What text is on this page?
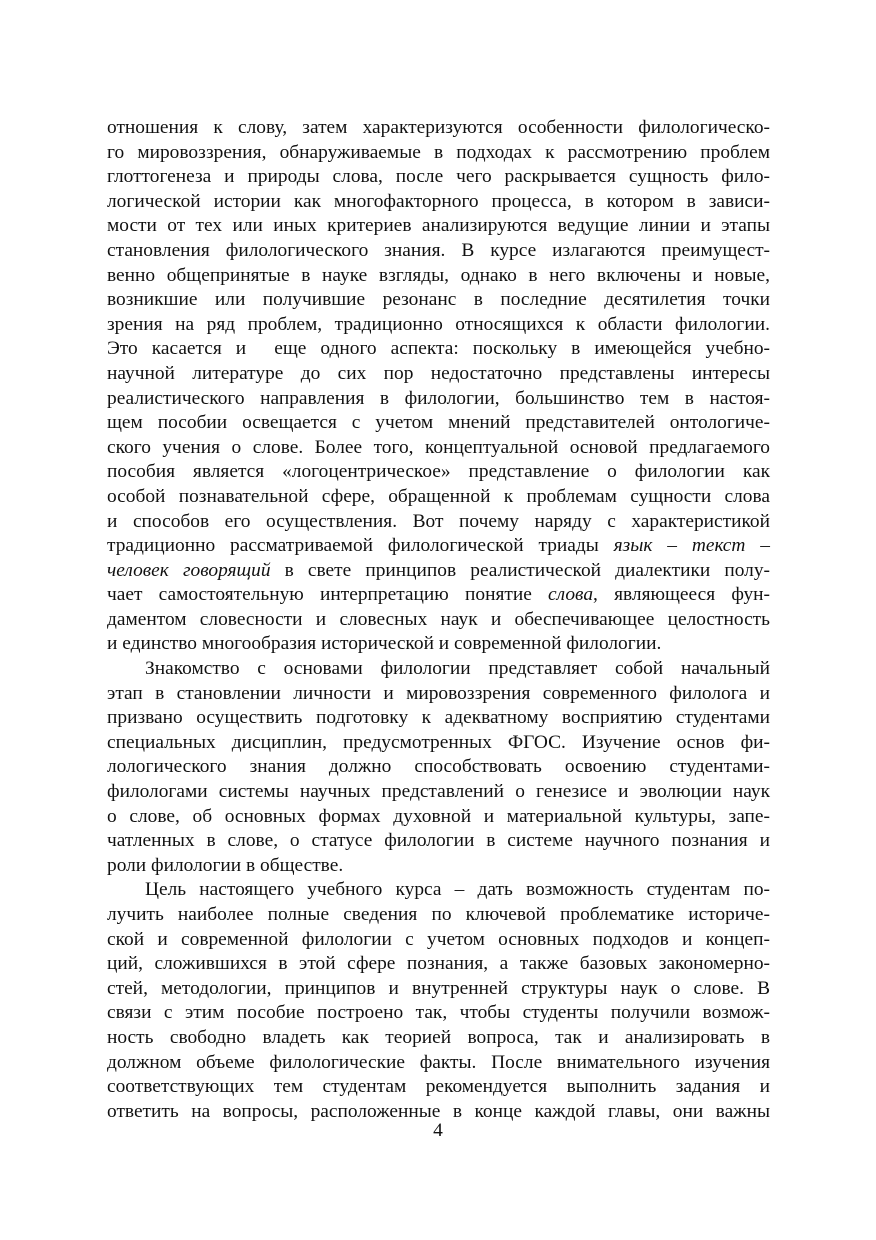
отношения к слову, затем характеризуются особенности филологическо-
го мировоззрения, обнаруживаемые в подходах к рассмотрению проблем
глоттогенеза и природы слова, после чего раскрывается сущность фило-
логической истории как многофакторного процесса, в котором в зависи-
мости от тех или иных критериев анализируются ведущие линии и этапы
становления филологического знания. В курсе излагаются преимущест-
венно общепринятые в науке взгляды, однако в него включены и новые,
возникшие или получившие резонанс в последние десятилетия точки
зрения на ряд проблем, традиционно относящихся к области филологии.
Это касается и  еще одного аспекта: поскольку в имеющейся учебно-
научной литературе до сих пор недостаточно представлены интересы
реалистического направления в филологии, большинство тем в настоя-
щем пособии освещается с учетом мнений представителей онтологиче-
ского учения о слове. Более того, концептуальной основой предлагаемого
пособия является «логоцентрическое» представление о филологии как
особой познавательной сфере, обращенной к проблемам сущности слова
и способов его осуществления. Вот почему наряду с характеристикой
традиционно рассматриваемой филологической триады язык – текст –
человек говорящий в свете принципов реалистической диалектики полу-
чает самостоятельную интерпретацию понятие слова, являющееся фун-
даментом словесности и словесных наук и обеспечивающее целостность
и единство многообразия исторической и современной филологии.
Знакомство с основами филологии представляет собой начальный
этап в становлении личности и мировоззрения современного филолога и
призвано осуществить подготовку к адекватному восприятию студентами
специальных дисциплин, предусмотренных ФГОС. Изучение основ фи-
лологического знания должно способствовать освоению студентами-
филологами системы научных представлений о генезисе и эволюции наук
о слове, об основных формах духовной и материальной культуры, запе-
чатленных в слове, о статусе филологии в системе научного познания и
роли филологии в обществе.
Цель настоящего учебного курса – дать возможность студентам по-
лучить наиболее полные сведения по ключевой проблематике историче-
ской и современной филологии с учетом основных подходов и концеп-
ций, сложившихся в этой сфере познания, а также базовых закономерно-
стей, методологии, принципов и внутренней структуры наук о слове. В
связи с этим пособие построено так, чтобы студенты получили возмож-
ность свободно владеть как теорией вопроса, так и анализировать в
должном объеме филологические факты. После внимательного изучения
соответствующих тем студентам рекомендуется выполнить задания и
ответить на вопросы, расположенные в конце каждой главы, они важны
4
